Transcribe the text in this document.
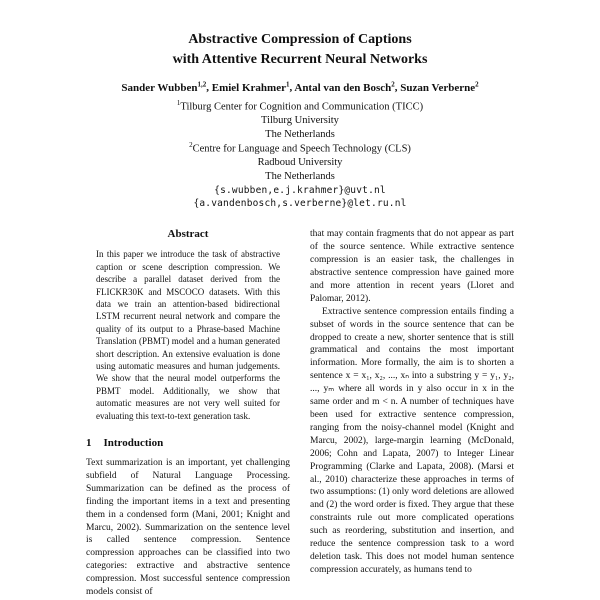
Abstractive Compression of Captions
with Attentive Recurrent Neural Networks
Sander Wubben$^{1,2}$, Emiel Krahmer$^1$, Antal van den Bosch$^2$, Suzan Verberne$^2$
$^1$Tilburg Center for Cognition and Communication (TICC)
Tilburg University
The Netherlands
$^2$Centre for Language and Speech Technology (CLS)
Radboud University
The Netherlands
{s.wubben,e.j.krahmer}@uvt.nl
{a.vandenbosch,s.verberne}@let.ru.nl
Abstract
In this paper we introduce the task of abstractive caption or scene description compression. We describe a parallel dataset derived from the FLICKR30K and MSCOCO datasets. With this data we train an attention-based bidirectional LSTM recurrent neural network and compare the quality of its output to a Phrase-based Machine Translation (PBMT) model and a human generated short description. An extensive evaluation is done using automatic measures and human judgements. We show that the neural model outperforms the PBMT model. Additionally, we show that automatic measures are not very well suited for evaluating this text-to-text generation task.
1 Introduction
Text summarization is an important, yet challenging subfield of Natural Language Processing. Summarization can be defined as the process of finding the important items in a text and presenting them in a condensed form (Mani, 2001; Knight and Marcu, 2002). Summarization on the sentence level is called sentence compression. Sentence compression approaches can be classified into two categories: extractive and abstractive sentence compression. Most successful sentence compression models consist of
that may contain fragments that do not appear as part of the source sentence. While extractive sentence compression is an easier task, the challenges in abstractive sentence compression have gained more and more attention in recent years (Lloret and Palomar, 2012).
Extractive sentence compression entails finding a subset of words in the source sentence that can be dropped to create a new, shorter sentence that is still grammatical and contains the most important information. More formally, the aim is to shorten a sentence x = x₁, x₂, ..., xₙ into a substring y = y₁, y₂, ..., yₘ where all words in y also occur in x in the same order and m < n. A number of techniques have been used for extractive sentence compression, ranging from the noisy-channel model (Knight and Marcu, 2002), large-margin learning (McDonald, 2006; Cohn and Lapata, 2007) to Integer Linear Programming (Clarke and Lapata, 2008). (Marsi et al., 2010) characterize these approaches in terms of two assumptions: (1) only word deletions are allowed and (2) the word order is fixed. They argue that these constraints rule out more complicated operations such as reordering, substitution and insertion, and reduce the sentence compression task to a word deletion task. This does not model human sentence compression accurately, as humans tend to
